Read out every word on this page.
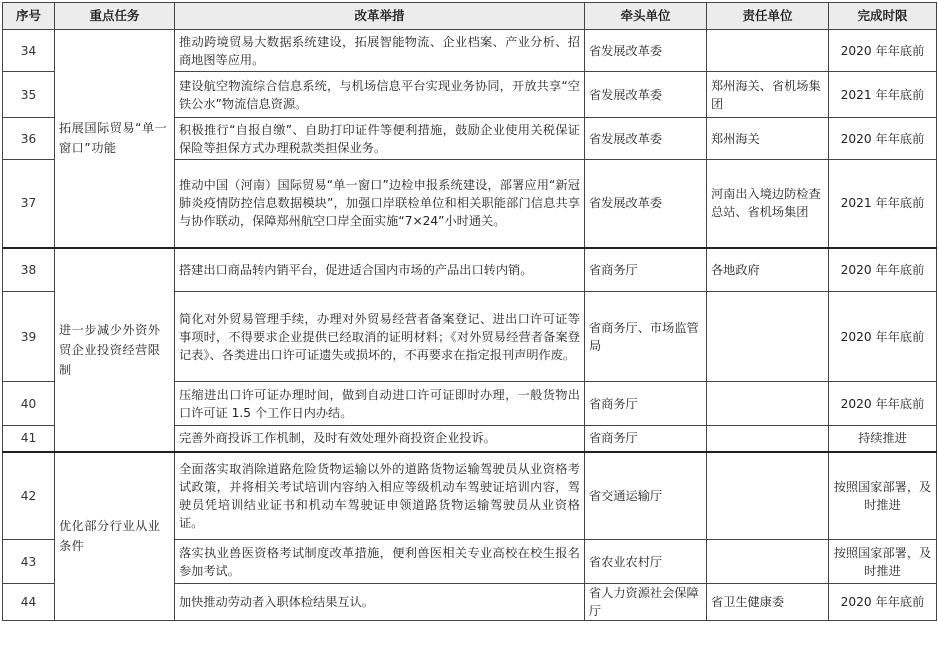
序号	重点任务	改革举措	牵头单位	责任单位	完成时限
34	拓展国际贸易“单一窗口”功能	推动跨境贸易大数据系统建设，拓展智能物流、企业档案、产业分析、招商地图等应用。	省发展改革委		2020 年年底前
35		建设航空物流综合信息系统，与机场信息平台实现业务协同，开放共享“空铁公水”物流信息资源。	省发展改革委	郑州海关、省机场集团	2021 年年底前
36		积极推行“自报自缴”、自助打印证件等便利措施，鼓励企业使用关税保证保险等担保方式办理税款类担保业务。	省发展改革委	郑州海关	2020 年年底前
37		推动中国（河南）国际贸易“单一窗口”边检申报系统建设，部署应用“新冠肺炎疫情防控信息数据模块”，加强口岸联检单位和相关职能部门信息共享与协作联动，保障郑州航空口岸全面实施“7×24”小时通关。	省发展改革委	河南出入境边防检查总站、省机场集团	2021 年年底前
38	进一步减少外资外贸企业投资经营限制	搭建出口商品转内销平台，促进适合国内市场的产品出口转内销。	省商务厅	各地政府	2020 年年底前
39		简化对外贸易管理手续，办理对外贸易经营者备案登记、进出口许可证等事项时，不得要求企业提供已经取消的证明材料；《对外贸易经营者备案登记表》、各类进出口许可证遗失或损坏的，不再要求在指定报刊声明作废。	省商务厅、市场监管局		2020 年年底前
40		压缩进出口许可证办理时间，做到自动进口许可证即时办理，一般货物出口许可证 1.5 个工作日内办结。	省商务厅		2020 年年底前
41		完善外商投诉工作机制，及时有效处理外商投资企业投诉。	省商务厅		持续推进
42	优化部分行业从业条件	全面落实取消除道路危险货物运输以外的道路货物运输驾驶员从业资格考试政策，并将相关考试培训内容纳入相应等级机动车驾驶证培训内容，驾驶员凭培训结业证书和机动车驾驶证申领道路货物运输驾驶员从业资格证。	省交通运输厅		按照国家部署，及时推进
43		落实执业兽医资格考试制度改革措施，便利兽医相关专业高校在校生报名参加考试。	省农业农村厅		按照国家部署，及时推进
44		加快推动劳动者入职体检结果互认。	省人力资源社会保障厅	省卫生健康委	2020 年年底前
